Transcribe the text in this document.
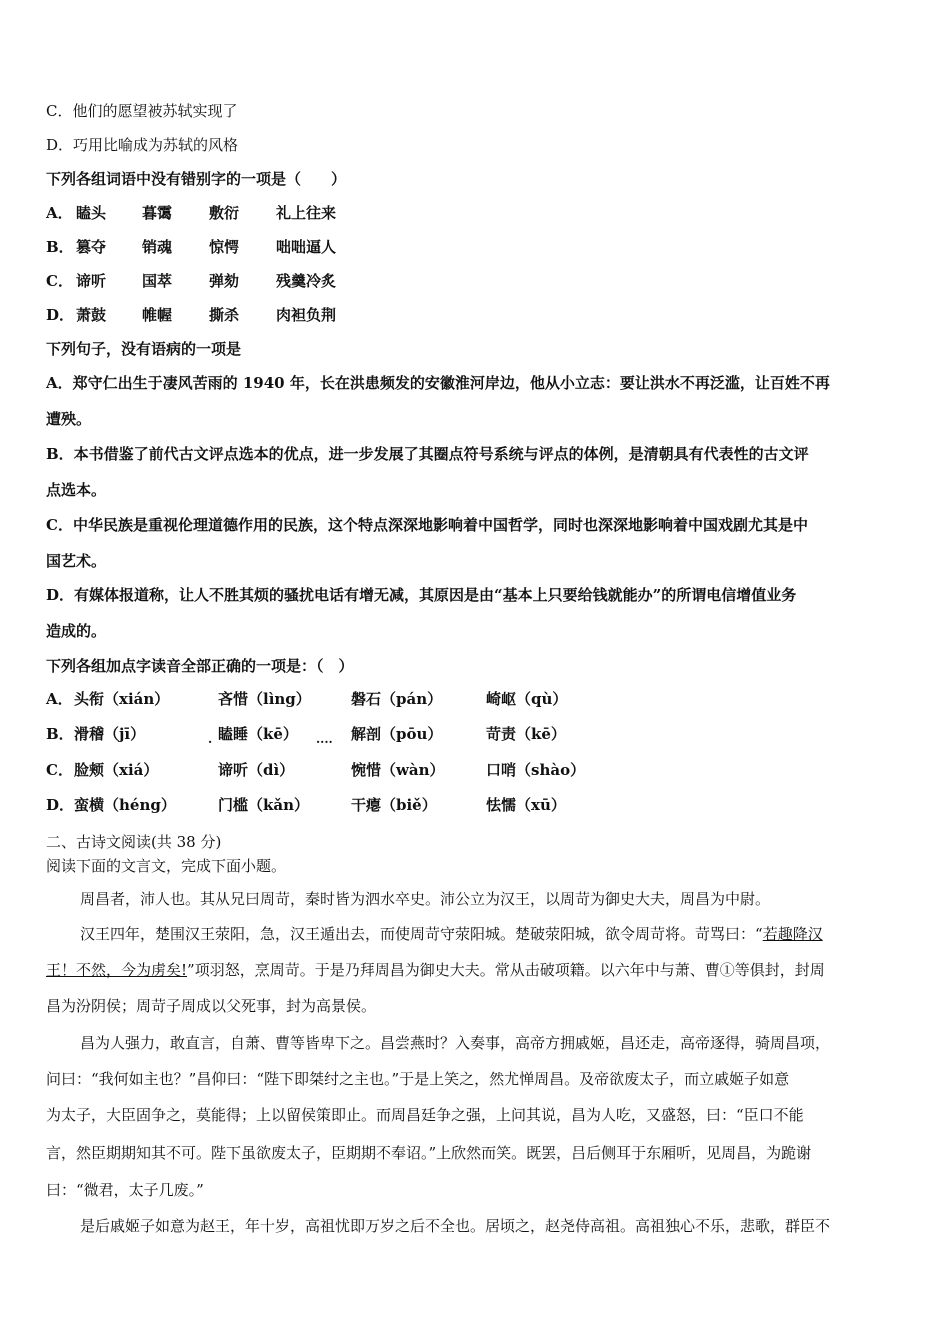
C．他们的愿望被苏轼实现了
D．巧用比喻成为苏轼的风格
下列各组词语中没有错别字的一项是（　　）
A． 瞌头 暮霭 敷衍 礼上往来
B． 篡夺 销魂 惊愕 咄咄逼人
C． 谛听 国萃 弹劾 残羹冷炙
D． 萧鼓 帷幄 撕杀 肉袒负荆
下列句子，没有语病的一项是
A．郑守仁出生于凄风苦雨的 1940 年，长在洪患频发的安徽淮河岸边，他从小立志：要让洪水不再泛滥，让百姓不再
遭殃。
B．本书借鉴了前代古文评点选本的优点，进一步发展了其圈点符号系统与评点的体例，是清朝具有代表性的古文评
点选本。
C．中华民族是重视伦理道德作用的民族，这个特点深深地影响着中国哲学，同时也深深地影响着中国戏剧尤其是中
国艺术。
D．有媒体报道称，让人不胜其烦的骚扰电话有增无减，其原因是由“基本上只要给钱就能办”的所谓电信增值业务
造成的。
下列各组加点字读音全部正确的一项是：（　）
A． 头衔（xián）	吝惜（lìng）	磐石（pán）	崎岖（qù）
B． 滑稽（jī）	瞌睡（kē）	解剖（pōu）	苛责（kē）
·	····
C． 脸颊（xiá）	谛听（dì）	惋惜（wàn）	口哨（shào）
D． 蛮横（héng）	门槛（kǎn）	干瘪（biě）	怯懦（xū）
二、古诗文阅读(共 38 分)
阅读下面的文言文，完成下面小题。
周昌者，沛人也。其从兄曰周苛，秦时皆为泗水卒史。沛公立为汉王，以周苛为御史大夫，周昌为中尉。
汉王四年，楚围汉王荥阳，急，汉王遁出去，而使周苛守荥阳城。楚破荥阳城，欲令周苛将。苛骂曰：“若趣降汉
王！不然，今为虏矣!”项羽怒，烹周苛。于是乃拜周昌为御史大夫。常从击破项籍。以六年中与萧、曹①等俱封，封周
昌为汾阴侯；周苛子周成以父死事，封为高景侯。
昌为人强力，敢直言，自萧、曹等皆卑下之。昌尝燕时？入奏事，高帝方拥戚姬，昌还走，高帝逐得，骑周昌项，
问曰：“我何如主也？”昌仰曰：“陛下即桀纣之主也。”于是上笑之，然尤惮周昌。及帝欲废太子，而立戚姬子如意
为太子，大臣固争之，莫能得；上以留侯策即止。而周昌廷争之强，上问其说，昌为人吃，又盛怒，曰：“臣口不能
言，然臣期期知其不可。陛下虽欲废太子，臣期期不奉诏。”上欣然而笑。既罢，吕后侧耳于东厢听，见周昌，为跪谢
曰：“微君，太子几废。”
是后戚姬子如意为赵王，年十岁，高祖忧即万岁之后不全也。居顷之，赵尧侍高祖。高祖独心不乐，悲歌，群臣不
